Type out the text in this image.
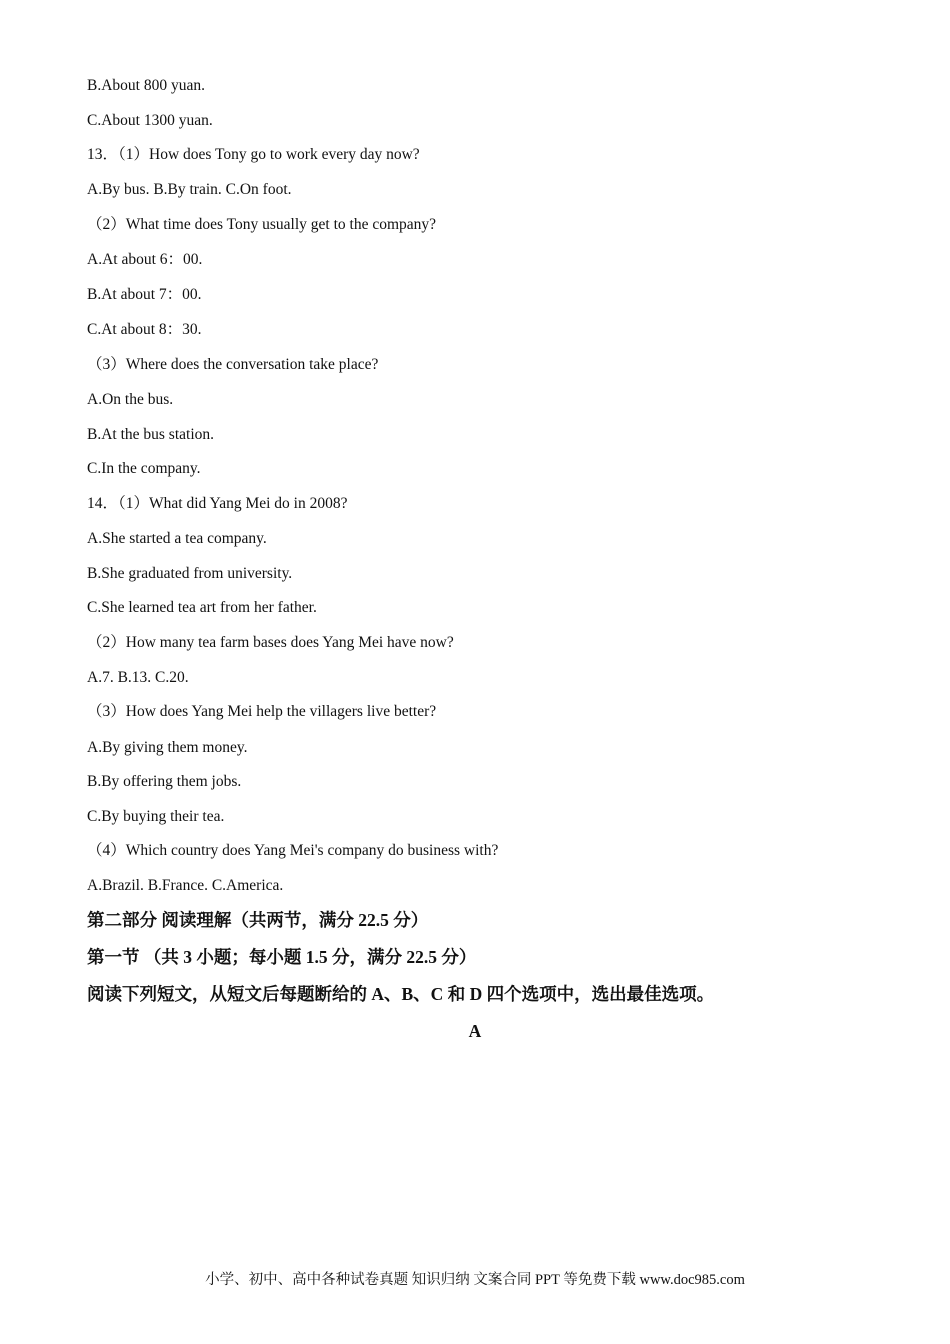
B.About 800 yuan.
C.About 1300 yuan.
13．（1）How does Tony go to work every day now?
A.By bus. B.By train. C.On foot.
（2）What time does Tony usually get to the company?
A.At about 6：00.
B.At about 7：00.
C.At about 8：30.
（3）Where does the conversation take place?
A.On the bus.
B.At the bus station.
C.In the company.
14．（1）What did Yang Mei do in 2008?
A.She started a tea company.
B.She graduated from university.
C.She learned tea art from her father.
（2）How many tea farm bases does Yang Mei have now?
A.7. B.13. C.20.
（3）How does Yang Mei help the villagers live better?
A.By giving them money.
B.By offering them jobs.
C.By buying their tea.
（4）Which country does Yang Mei's company do business with?
A.Brazil. B.France. C.America.
第二部分 阅读理解（共两节，满分 22.5 分）
第一节 （共 3 小题；每小题 1.5 分，满分 22.5 分）
阅读下列短文，从短文后每题断给的 A、B、C 和 D 四个选项中，选出最佳选项。
A
小学、初中、高中各种试卷真题 知识归纳 文案合同 PPT 等免费下载 www.doc985.com
